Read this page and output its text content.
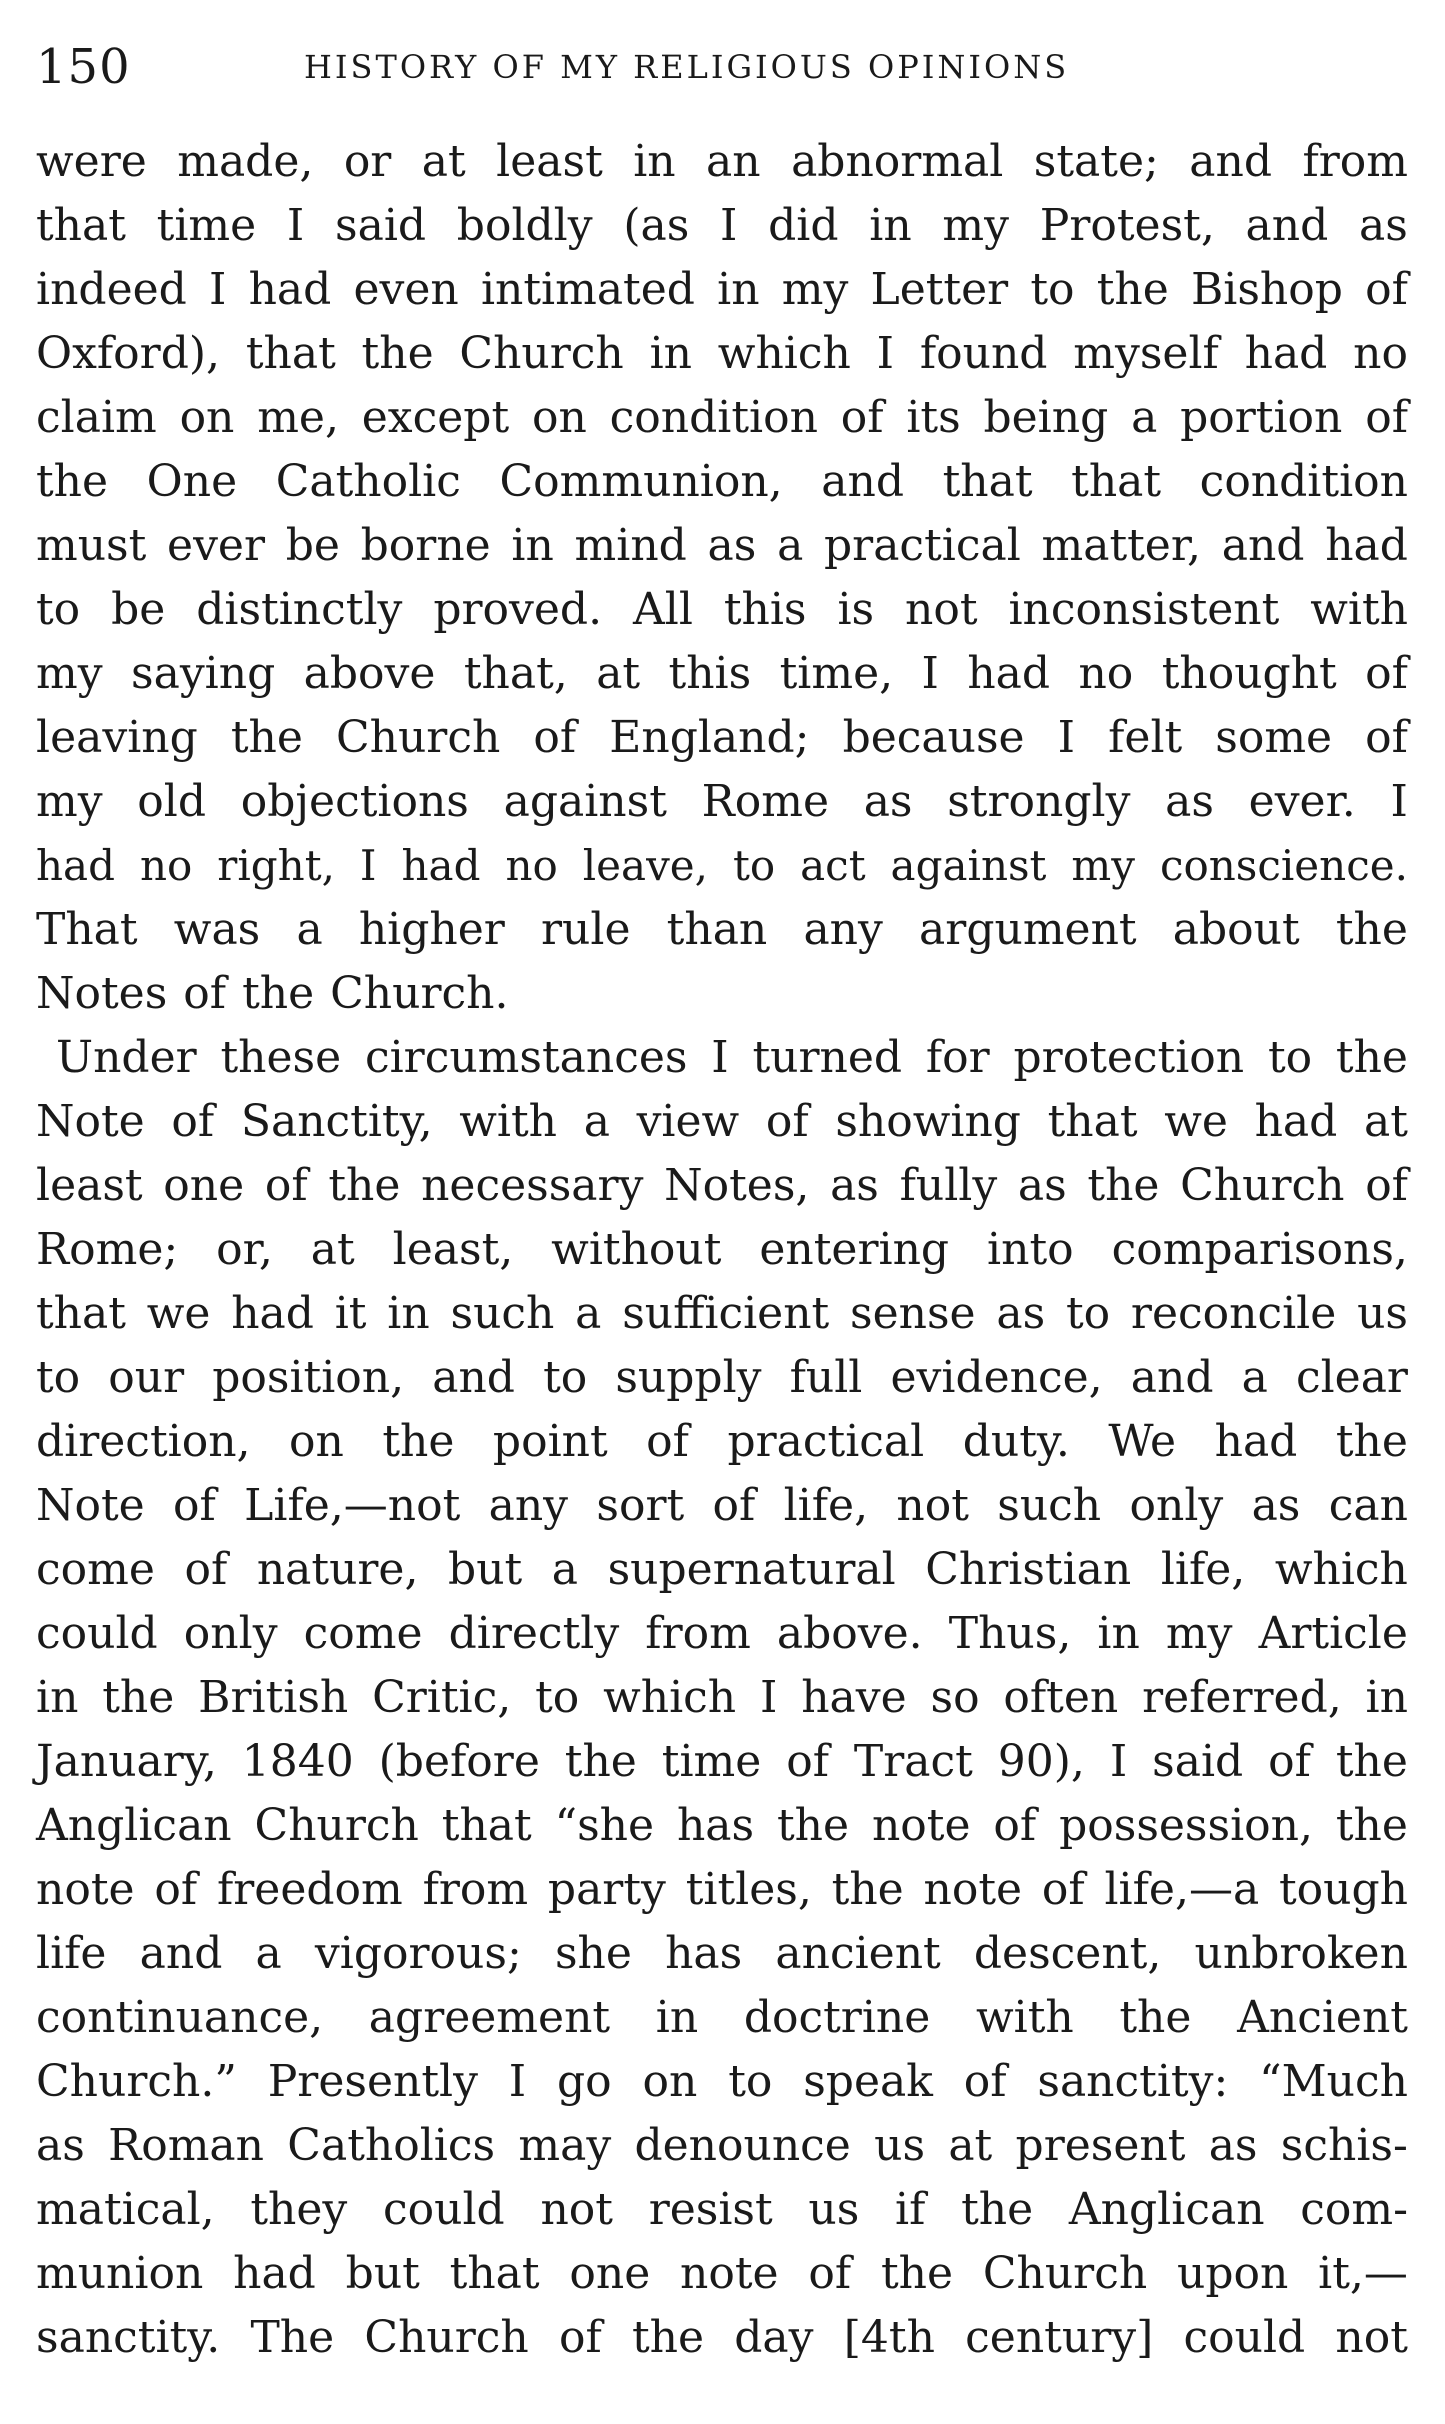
150	HISTORY OF MY RELIGIOUS OPINIONS
were made, or at least in an abnormal state; and from
that time I said boldly (as I did in my Protest, and as
indeed I had even intimated in my Letter to the Bishop of
Oxford), that the Church in which I found myself had no
claim on me, except on condition of its being a portion of
the One Catholic Communion, and that that condition
must ever be borne in mind as a practical matter, and had
to be distinctly proved. All this is not inconsistent with
my saying above that, at this time, I had no thought of
leaving the Church of England; because I felt some of
my old objections against Rome as strongly as ever. I
had no right, I had no leave, to act against my conscience.
That was a higher rule than any argument about the
Notes of the Church.
Under these circumstances I turned for protection to the
Note of Sanctity, with a view of showing that we had at
least one of the necessary Notes, as fully as the Church of
Rome; or, at least, without entering into comparisons,
that we had it in such a sufficient sense as to reconcile us
to our position, and to supply full evidence, and a clear
direction, on the point of practical duty. We had the
Note of Life,—not any sort of life, not such only as can
come of nature, but a supernatural Christian life, which
could only come directly from above. Thus, in my Article
in the British Critic, to which I have so often referred, in
January, 1840 (before the time of Tract 90), I said of the
Anglican Church that “she has the note of possession, the
note of freedom from party titles, the note of life,—a tough
life and a vigorous; she has ancient descent, unbroken
continuance, agreement in doctrine with the Ancient
Church.” Presently I go on to speak of sanctity: “Much
as Roman Catholics may denounce us at present as schis-
matical, they could not resist us if the Anglican com-
munion had but that one note of the Church upon it,—
sanctity. The Church of the day [4th century] could not
